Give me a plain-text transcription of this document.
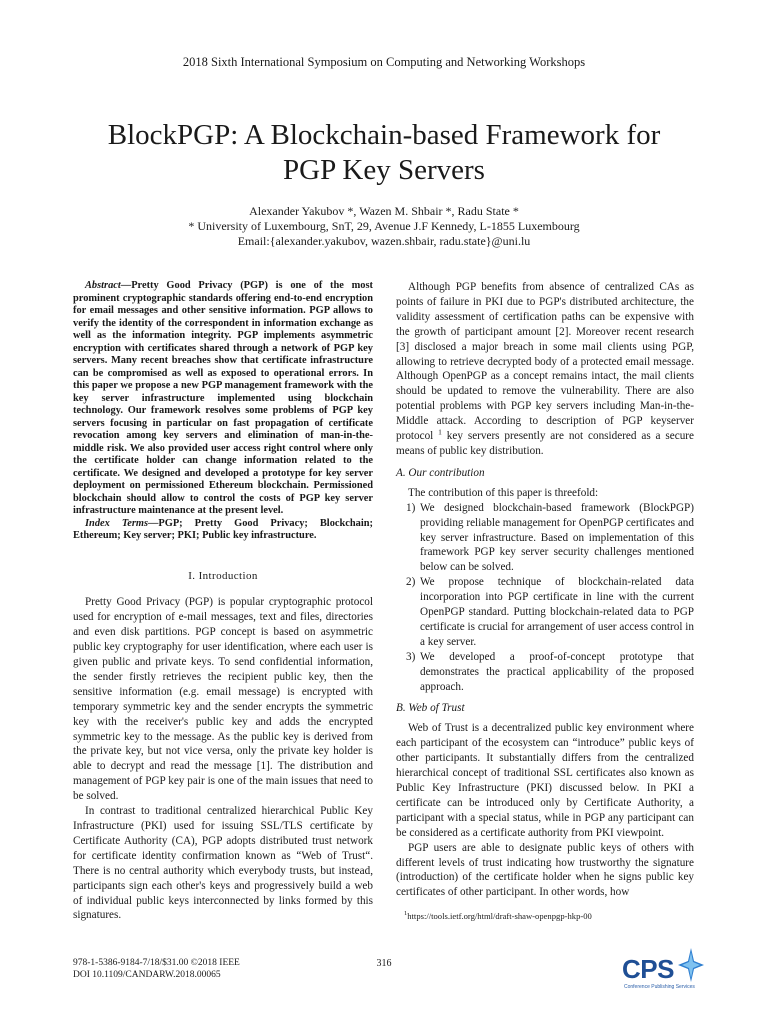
2018 Sixth International Symposium on Computing and Networking Workshops
BlockPGP: A Blockchain-based Framework for
PGP Key Servers
Alexander Yakubov *, Wazen M. Shbair *, Radu State *
* University of Luxembourg, SnT, 29, Avenue J.F Kennedy, L-1855 Luxembourg
Email:{alexander.yakubov, wazen.shbair, radu.state}@uni.lu

Abstract—Pretty Good Privacy (PGP) is one of the most prominent cryptographic standards offering end-to-end encryption for email messages and other sensitive information. PGP allows to verify the identity of the correspondent in information exchange as well as the information integrity. PGP implements asymmetric encryption with certificates shared through a network of PGP key servers. Many recent breaches show that certificate infrastructure can be compromised as well as exposed to operational errors. In this paper we propose a new PGP management framework with the key server infrastructure implemented using blockchain technology. Our framework resolves some problems of PGP key servers focusing in particular on fast propagation of certificate revocation among key servers and elimination of man-in-the-middle risk. We also provided user access right control where only the certificate holder can change information related to the certificate. We designed and developed a prototype for key server deployment on permissioned Ethereum blockchain. Permissioned blockchain should allow to control the costs of PGP key server infrastructure maintenance at the present level.

Index Terms—PGP; Pretty Good Privacy; Blockchain; Ethereum; Key server; PKI; Public key infrastructure.

I. Introduction

Pretty Good Privacy (PGP) is popular cryptographic protocol used for encryption of e-mail messages, text and files, directories and even disk partitions. PGP concept is based on asymmetric public key cryptography for user identification, where each user is given public and private keys. To send confidential information, the sender firstly retrieves the recipient public key, then the sensitive information (e.g. email message) is encrypted with temporary symmetric key and the sender encrypts the symmetric key with the receiver's public key and adds the encrypted symmetric key to the message. As the public key is derived from the private key, but not vice versa, only the private key holder is able to decrypt and read the message [1]. The distribution and management of PGP key pair is one of the main issues that need to be solved.

In contrast to traditional centralized hierarchical Public Key Infrastructure (PKI) used for issuing SSL/TLS certificate by Certificate Authority (CA), PGP adopts distributed trust network for certificate identity confirmation known as “Web of Trust“. There is no central authority which everybody trusts, but instead, participants sign each other's keys and progressively build a web of individual public keys interconnected by links formed by this signatures.

Although PGP benefits from absence of centralized CAs as points of failure in PKI due to PGP's distributed architecture, the validity assessment of certification paths can be expensive with the growth of participant amount [2]. Moreover recent research [3] disclosed a major breach in some mail clients using PGP, allowing to retrieve decrypted body of a protected email message. Although OpenPGP as a concept remains intact, the mail clients should be updated to remove the vulnerability. There are also potential problems with PGP key servers including Man-in-the-Middle attack. According to description of PGP keyserver protocol $^1$ key servers presently are not considered as a secure means of public key distribution.

A. Our contribution

The contribution of this paper is threefold:

1) We designed blockchain-based framework (BlockPGP) providing reliable management for OpenPGP certificates and key server infrastructure. Based on implementation of this framework PGP key server security challenges mentioned below can be solved.
2) We propose technique of blockchain-related data incorporation into PGP certificate in line with the current OpenPGP standard. Putting blockchain-related data to PGP certificate is crucial for arrangement of user access control in a key server.
3) We developed a proof-of-concept prototype that demonstrates the practical applicability of the proposed approach.
B. Web of Trust

Web of Trust is a decentralized public key environment where each participant of the ecosystem can “introduce” public keys of other participants. It substantially differs from the centralized hierarchical concept of traditional SSL certificates also known as Public Key Infrastructure (PKI) discussed below. In PKI a certificate can be introduced only by Certificate Authority, a participant with a special status, while in PGP any participant can be considered as a certificate authority from PKI viewpoint.

PGP users are able to designate public keys of others with different levels of trust indicating how trustworthy the signature (introduction) of the certificate holder when he signs public key certificates of other participant. In other words, how

$^1$https://tools.ietf.org/html/draft-shaw-openpgp-hkp-00
978-1-5386-9184-7/18/$31.00 ©2018 IEEE
DOI 10.1109/CANDARW.2018.00065
316	CPS
Conference Publishing Services
